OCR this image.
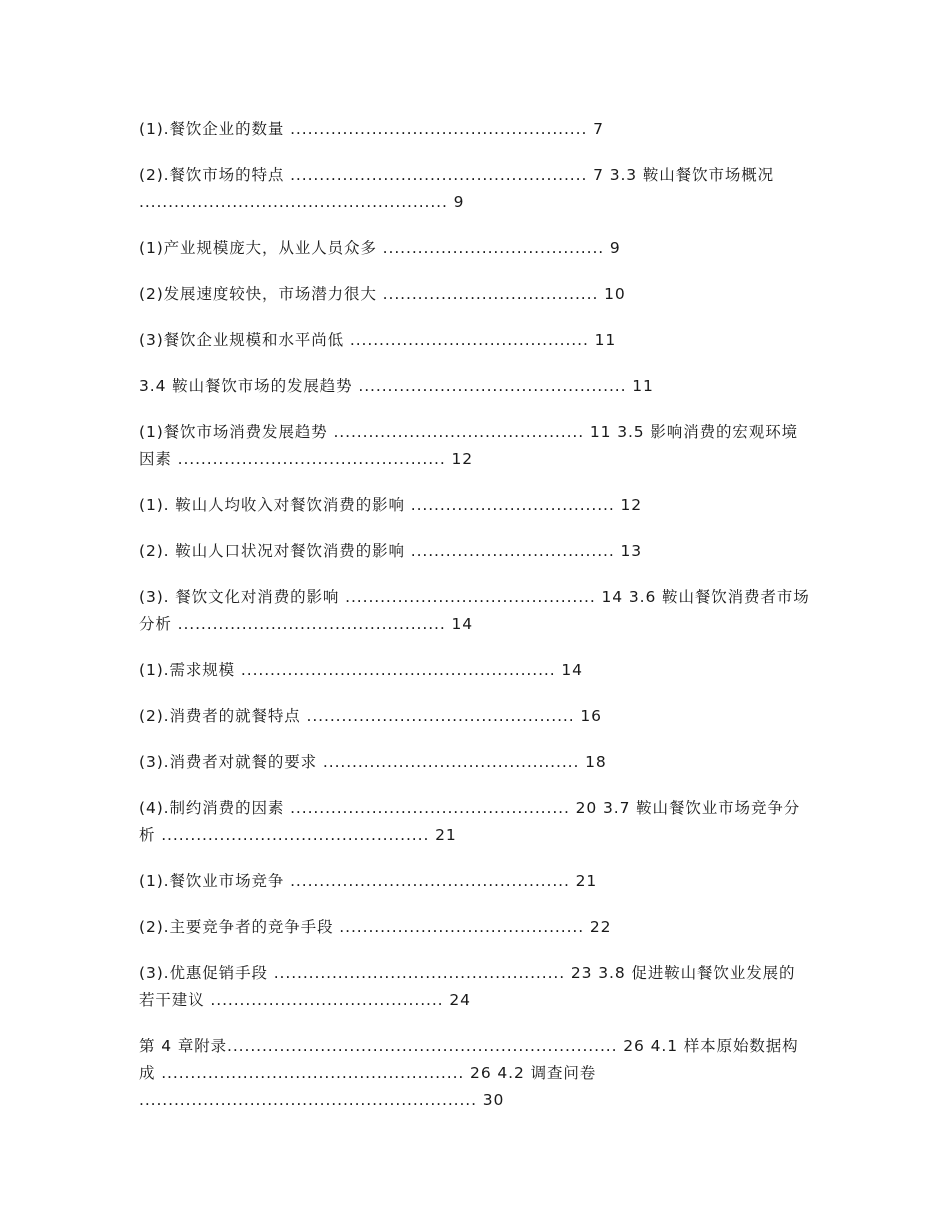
(1).餐饮企业的数量 ................................................... 7
(2).餐饮市场的特点 ................................................... 7 3.3 鞍山餐饮市场概况 ..................................................... 9
(1)产业规模庞大，从业人员众多 ...................................... 9
(2)发展速度较快，市场潜力很大 ..................................... 10
(3)餐饮企业规模和水平尚低 ......................................... 11
3.4 鞍山餐饮市场的发展趋势 .............................................. 11
(1)餐饮市场消费发展趋势 ........................................... 11 3.5 影响消费的宏观环境因素 .............................................. 12
(1). 鞍山人均收入对餐饮消费的影响 ................................... 12
(2). 鞍山人口状况对餐饮消费的影响 ................................... 13
(3). 餐饮文化对消费的影响 ........................................... 14 3.6 鞍山餐饮消费者市场分析 .............................................. 14
(1).需求规模 ...................................................... 14
(2).消费者的就餐特点 .............................................. 16
(3).消费者对就餐的要求 ............................................ 18
(4).制约消费的因素 ................................................ 20 3.7 鞍山餐饮业市场竞争分析 .............................................. 21
(1).餐饮业市场竞争 ................................................ 21
(2).主要竞争者的竞争手段 .......................................... 22
(3).优惠促销手段 .................................................. 23 3.8 促进鞍山餐饮业发展的若干建议 ........................................ 24
第 4 章附录................................................................... 26 4.1 样本原始数据构成 .................................................... 26 4.2 调查问卷 .......................................................... 30
